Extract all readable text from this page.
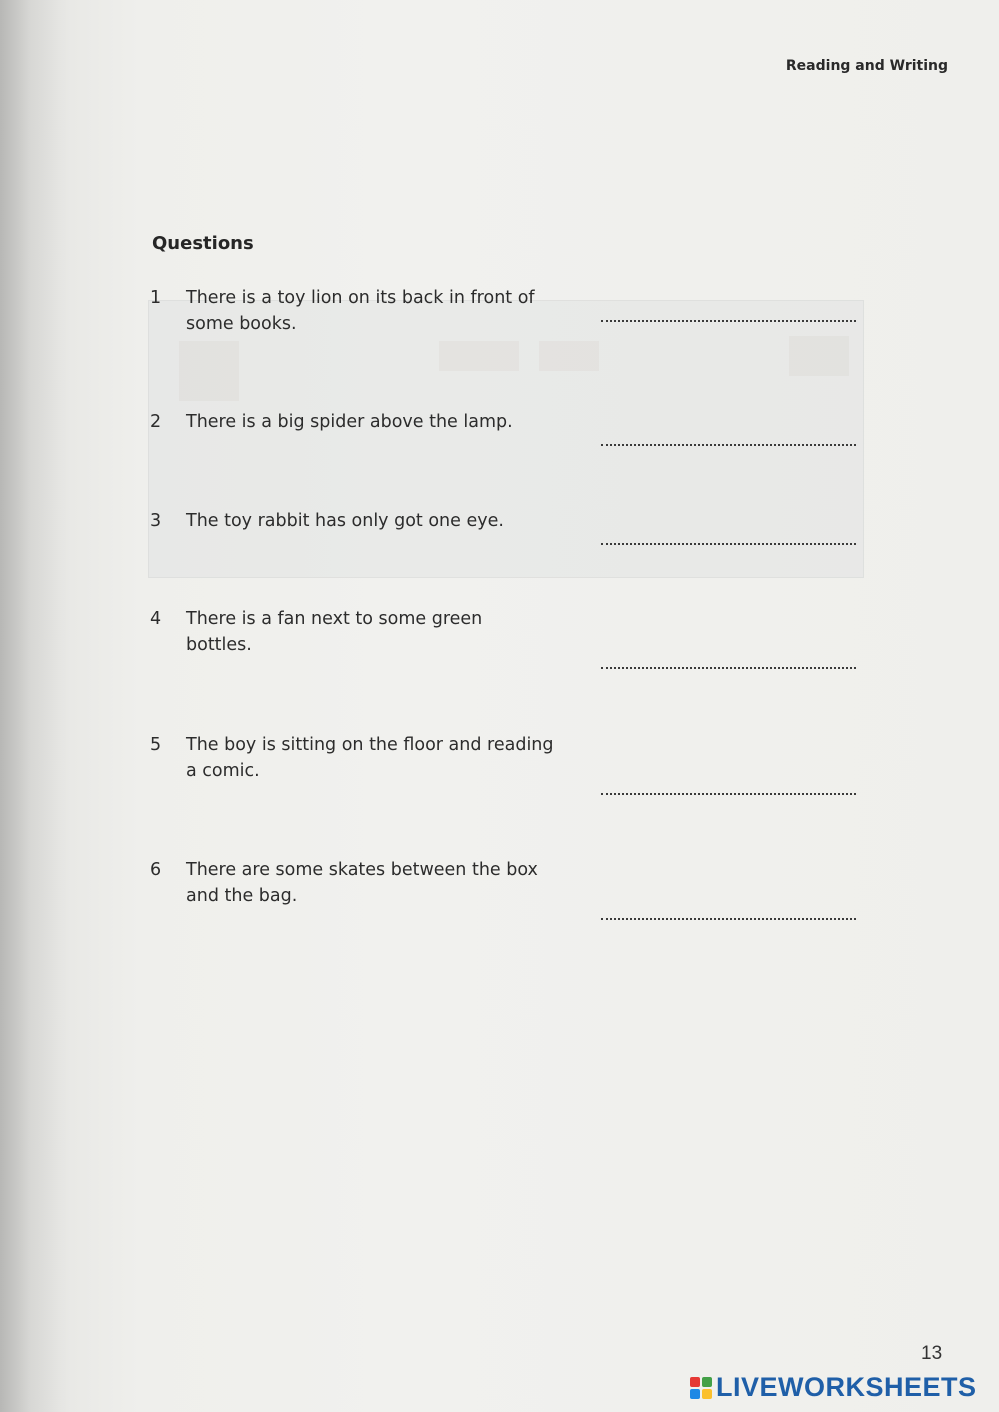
Reading and Writing
Questions
1	There is a toy lion on its back in front of some books.
2	There is a big spider above the lamp.
3	The toy rabbit has only got one eye.
4	There is a fan next to some green bottles.
5	The boy is sitting on the floor and reading a comic.
6	There are some skates between the box and the bag.
13
LIVEWORKSHEETS
